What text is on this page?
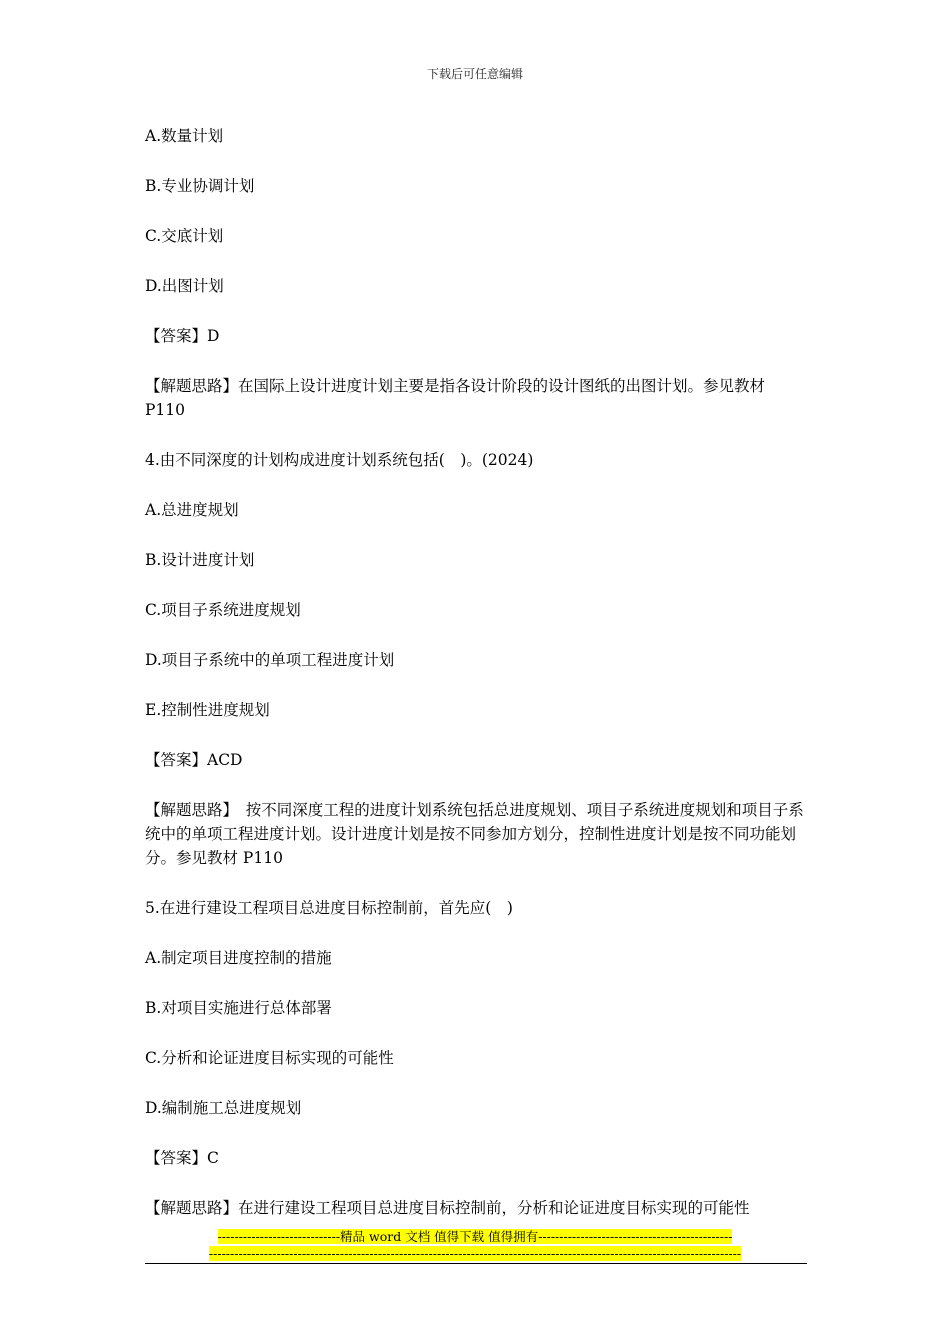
下载后可任意编辑

A.数量计划

B.专业协调计划

C.交底计划

D.出图计划

【答案】D

【解题思路】在国际上设计进度计划主要是指各设计阶段的设计图纸的出图计划。参见教材 P110

4.由不同深度的计划构成进度计划系统包括(　)。(2024)

A.总进度规划

B.设计进度计划

C.项目子系统进度规划

D.项目子系统中的单项工程进度计划

E.控制性进度规划

【答案】ACD

【解题思路】　按不同深度工程的进度计划系统包括总进度规划、项目子系统进度规划和项目子系统中的单项工程进度计划。设计进度计划是按不同参加方划分，控制性进度计划是按不同功能划分。参见教材 P110

5.在进行建设工程项目总进度目标控制前，首先应(　)

A.制定项目进度控制的措施

B.对项目实施进行总体部署

C.分析和论证进度目标实现的可能性

D.编制施工总进度规划

【答案】C

【解题思路】在进行建设工程项目总进度目标控制前，分析和论证进度目标实现的可能性

-----------------------------精品 word 文档 值得下载 值得拥有----------------------------------------------
------------------------------------------------------------------------------------------------------------------------------
